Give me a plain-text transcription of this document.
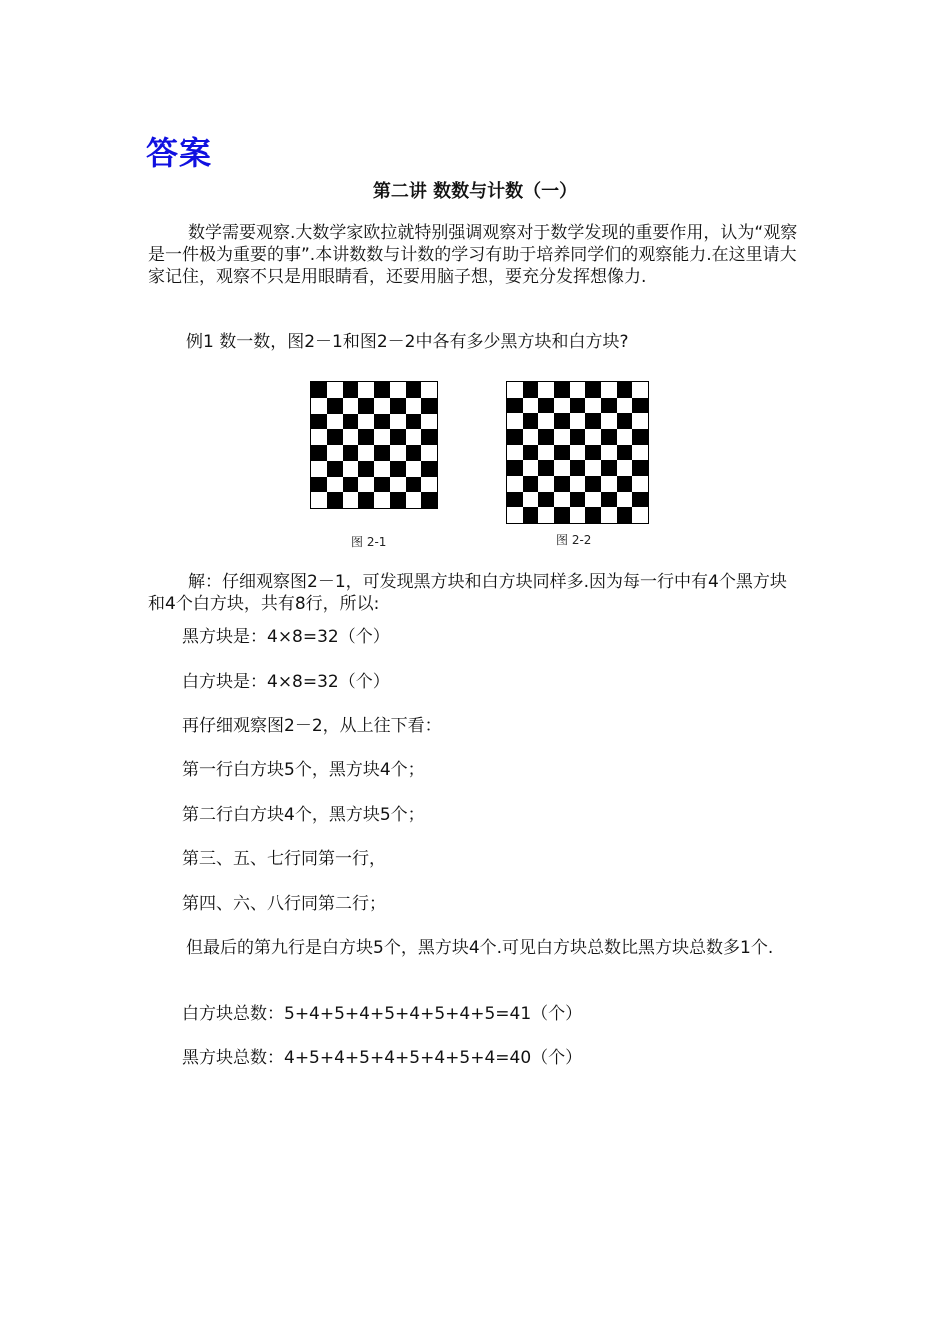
答案
第二讲 数数与计数（一）
数学需要观察.大数学家欧拉就特别强调观察对于数学发现的重要作用，认为“观察是一件极为重要的事”.本讲数数与计数的学习有助于培养同学们的观察能力.在这里请大家记住，观察不只是用眼睛看，还要用脑子想，要充分发挥想像力.
例1 数一数，图2－1和图2－2中各有多少黑方块和白方块?
图 2-1	图 2-2
解：仔细观察图2－1，可发现黑方块和白方块同样多.因为每一行中有4个黑方块和4个白方块，共有8行，所以:
黑方块是：4×8=32（个）
白方块是：4×8=32（个）
再仔细观察图2－2，从上往下看：
第一行白方块5个，黑方块4个；
第二行白方块4个，黑方块5个；
第三、五、七行同第一行，
第四、六、八行同第二行；
但最后的第九行是白方块5个，黑方块4个.可见白方块总数比黑方块总数多1个.
白方块总数：5+4+5+4+5+4+5+4+5=41（个）
黑方块总数：4+5+4+5+4+5+4+5+4=40（个）
